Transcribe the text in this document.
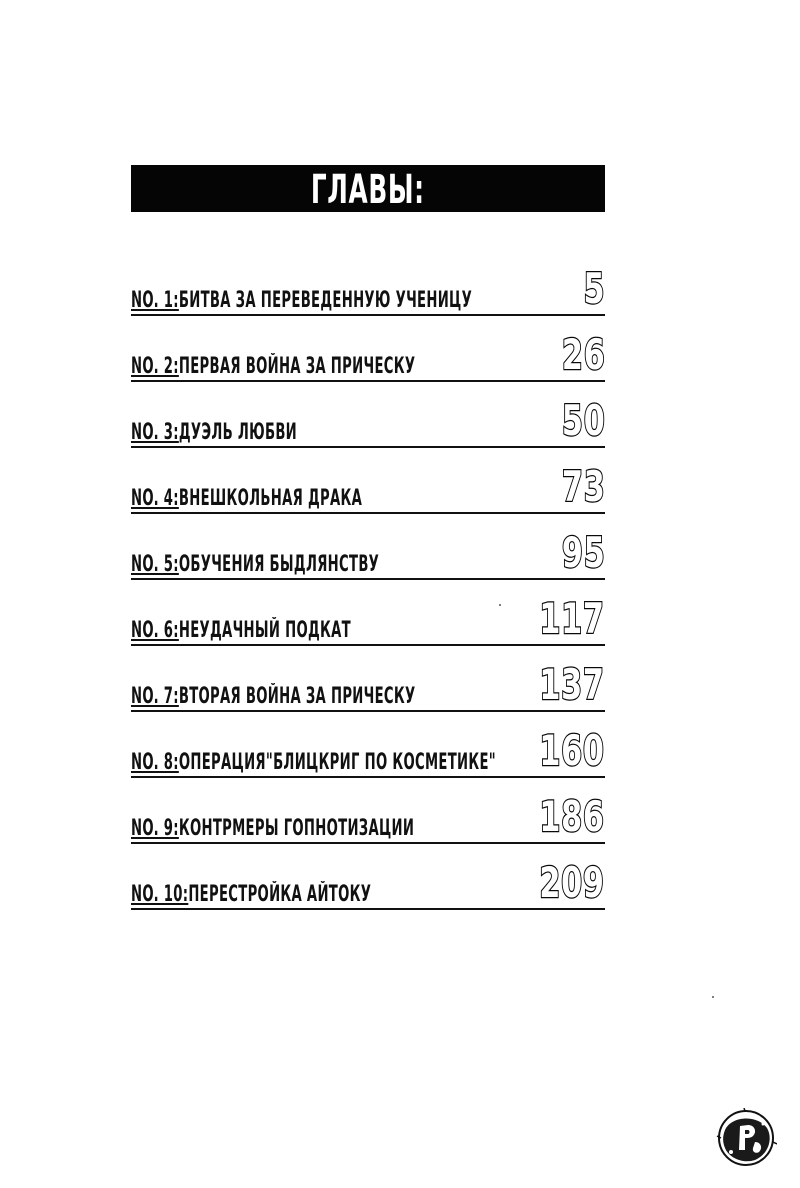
ГЛАВЫ:
NO. 1:БИТВА ЗА ПЕРЕВЕДЕННУЮ УЧЕНИЦУ	5
NO. 2:ПЕРВАЯ ВОЙНА ЗА ПРИЧЕСКУ	26
NO. 3:ДУЭЛЬ ЛЮБВИ	50
NO. 4:ВНЕШКОЛЬНАЯ ДРАКА	73
NO. 5:ОБУЧЕНИЯ БЫДЛЯНСТВУ	95
NO. 6:НЕУДАЧНЫЙ ПОДКАТ	117
NO. 7:ВТОРАЯ ВОЙНА ЗА ПРИЧЕСКУ	137
NO. 8:ОПЕРАЦИЯ"БЛИЦКРИГ ПО КОСМЕТИКЕ" 160
NO. 9:КОНТРМЕРЫ ГОПНОТИЗАЦИИ	186
NO. 10:ПЕРЕСТРОЙКА АЙТОКУ	209
